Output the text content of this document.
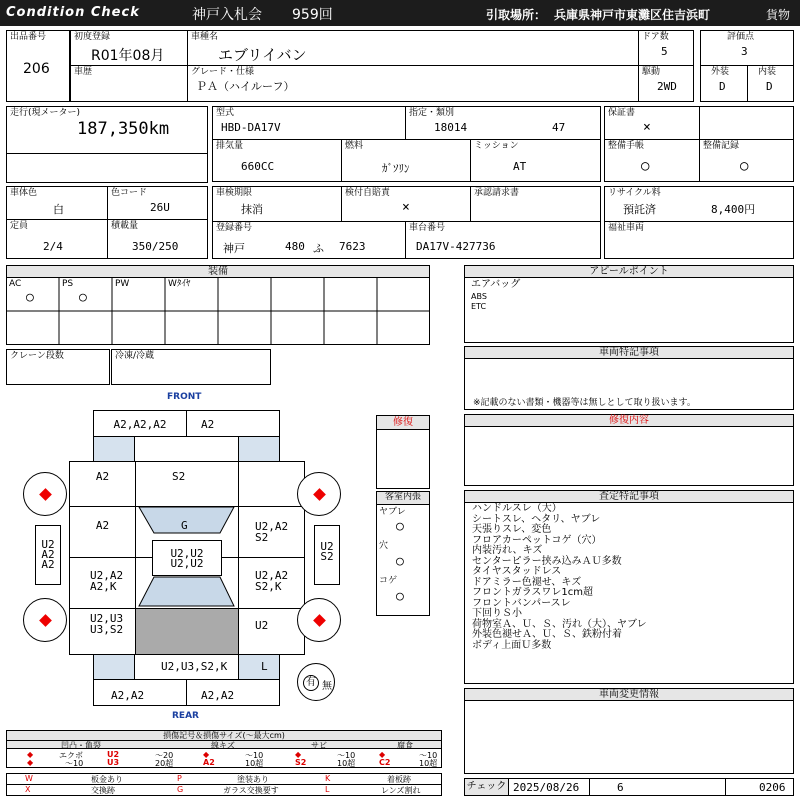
Condition Check	神戸入札会 959回	引取場所： 兵庫県神戸市東灘区住吉浜町	貨物
出品番号
206
初度登録
R01年08月
車歴
車種名
エブリイバン
グレード・仕様
ＰＡ（ハイルーフ）
ドア数
5
駆動
2WD
評価点
3
外装
D
内装
D
走行(現メーター)
187,350km
型式
HBD-DA17V
指定・類別
18014	47
排気量
660CC
燃料
ｶﾞｿﾘﾝ
ミッション
AT
保証書
×
整備手帳
○
整備記録
○
車体色
白
色コード
26U
定員
2/4
積載量
350/250
車検期限
抹消
検付自賠責
×
承認請求書
登録番号
神戸	480 ふ 7623
車台番号
DA17V-427736
リサイクル料
預託済	8,400円
福祉車両
装備
AC
○
PS
○
PW	Wﾀｲﾔ
クレーン段数	冷凍/冷蔵
アピールポイント
エアバッグ
ABS
ETC
車両特記事項
※記載のない書類・機器等は無しとして取り扱います。
修復内容
査定特記事項
ハンドルスレ（大）
シートスレ、ヘタリ、ヤブレ
天張りスレ、変色
フロアカーペットコゲ（穴）
内装汚れ、キズ
センターピラー挟み込みＡＵ多数
タイヤスタッドレス
ドアミラー色褪せ、キズ
フロントガラスワレ1cm超
フロントバンパースレ
下回りＳ小
荷物室Ａ、Ｕ、Ｓ、汚れ（大）、ヤブレ
外装色褪せＡ、Ｕ、Ｓ、鉄粉付着
ボディ上面Ｕ多数
車両変更情報
チェック 2025/08/26	6	0206
修復
客室内張
ヤブレ
○
穴
○
コゲ
○
FRONT
REAR
A2,A2,A2	A2
A2	S2
A2	U2,A2
S2
U2,A2
A2,K
U2,A2
S2,K
U2,U3
U3,S2	U2
U2,U3,S2,K	L
A2,A2	A2,A2
U2,U2
U2,U2
G
U2
A2
A2
U2
S2
有 無
損傷記号＆損傷サイズ(〜最大cm)
凹凸・亀裂	線キズ	サビ	腐食
◆	エクボ	U2	〜20	◆	〜10	◆	〜10	◆	〜10
◆	〜10	U3	20超	A2	10超	S2	10超	C2	10超
W	板金あり	P	塗装あり	K	着板跡
X	交換跡	G	ガラス交換要す	L	レンズ割れ
